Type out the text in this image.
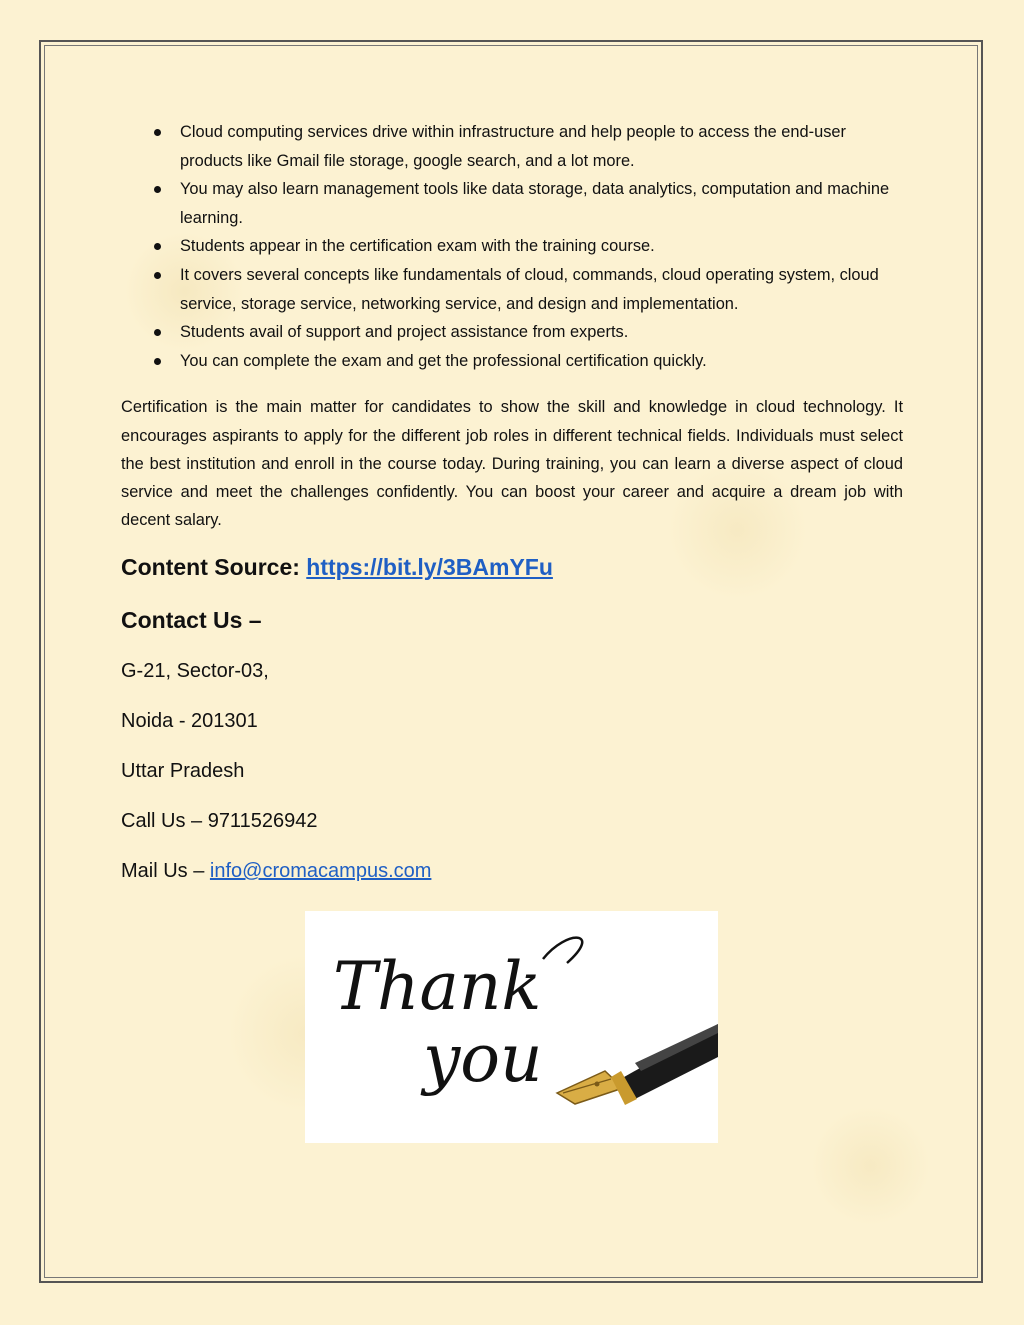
Cloud computing services drive within infrastructure and help people to access the end-user products like Gmail file storage, google search, and a lot more.
You may also learn management tools like data storage, data analytics, computation and machine learning.
Students appear in the certification exam with the training course.
It covers several concepts like fundamentals of cloud, commands, cloud operating system, cloud service, storage service, networking service, and design and implementation.
Students avail of support and project assistance from experts.
You can complete the exam and get the professional certification quickly.

Certification is the main matter for candidates to show the skill and knowledge in cloud technology. It encourages aspirants to apply for the different job roles in different technical fields. Individuals must select the best institution and enroll in the course today. During training, you can learn a diverse aspect of cloud service and meet the challenges confidently. You can boost your career and acquire a dream job with decent salary.

Content Source: https://bit.ly/3BAmYFu
Contact Us –
G-21, Sector-03,
Noida - 201301
Uttar Pradesh
Call Us – 9711526942
Mail Us – info@cromacampus.com
Thank
you
